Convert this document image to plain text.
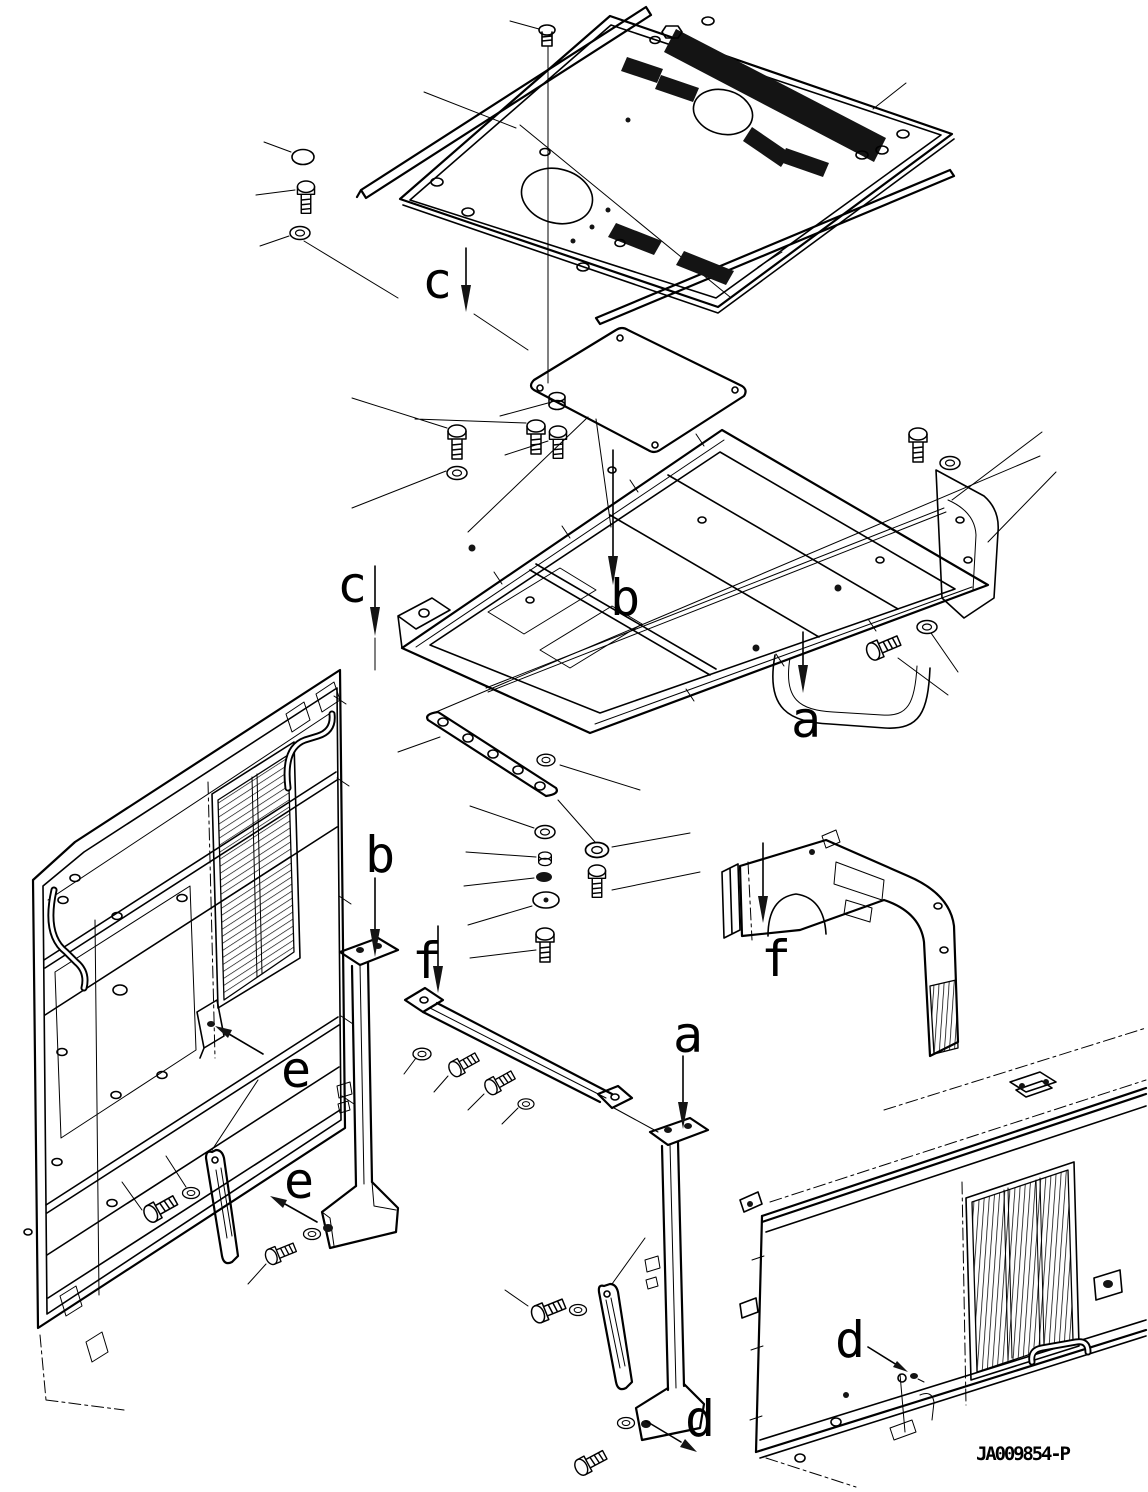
c
c	b
a
b
f	f
e
a
e
d
d
JA009854-P
